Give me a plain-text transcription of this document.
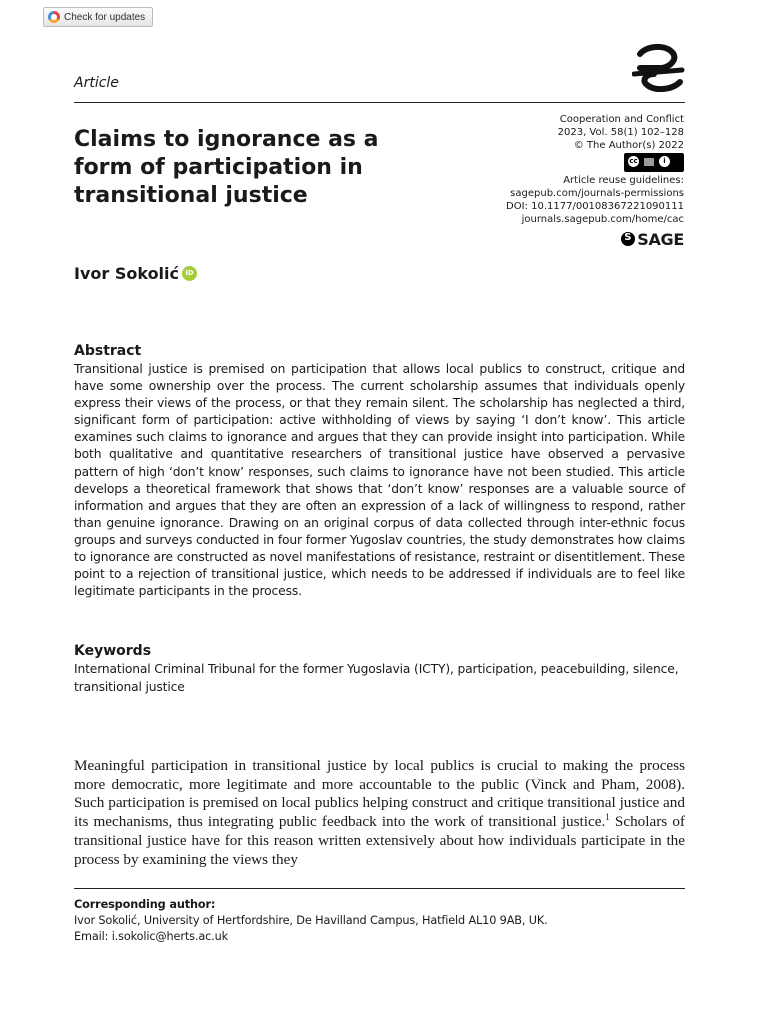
Check for updates
Article
Claims to ignorance as a form of participation in transitional justice
Cooperation and Conflict
2023, Vol. 58(1) 102–128
© The Author(s) 2022
cc	i
Article reuse guidelines:
sagepub.com/journals-permissions
DOI: 10.1177/00108367221090111
journals.sagepub.com/home/cac
S
SAGE
Ivor Sokolić iD
Abstract

Transitional justice is premised on participation that allows local publics to construct, critique and have some ownership over the process. The current scholarship assumes that individuals openly express their views of the process, or that they remain silent. The scholarship has neglected a third, significant form of participation: active withholding of views by saying ‘I don’t know’. This article examines such claims to ignorance and argues that they can provide insight into participation. While both qualitative and quantitative researchers of transitional justice have observed a pervasive pattern of high ‘don’t know’ responses, such claims to ignorance have not been studied. This article develops a theoretical framework that shows that ‘don’t know’ responses are a valuable source of information and argues that they are often an expression of a lack of willingness to respond, rather than genuine ignorance. Drawing on an original corpus of data collected through inter-ethnic focus groups and surveys conducted in four former Yugoslav countries, the study demonstrates how claims to ignorance are constructed as novel manifestations of resistance, restraint or disentitlement. These point to a rejection of transitional justice, which needs to be addressed if individuals are to feel like legitimate participants in the process.

Keywords

International Criminal Tribunal for the former Yugoslavia (ICTY), participation, peacebuilding, silence, transitional justice

Meaningful participation in transitional justice by local publics is crucial to making the process more democratic, more legitimate and more accountable to the public (Vinck and Pham, 2008). Such participation is premised on local publics helping construct and critique transitional justice and its mechanisms, thus integrating public feedback into the work of transitional justice.$^1$ Scholars of transitional justice have for this reason written extensively about how individuals participate in the process by examining the views they

Corresponding author:
Ivor Sokolić, University of Hertfordshire, De Havilland Campus, Hatfield AL10 9AB, UK.
Email: i.sokolic@herts.ac.uk
